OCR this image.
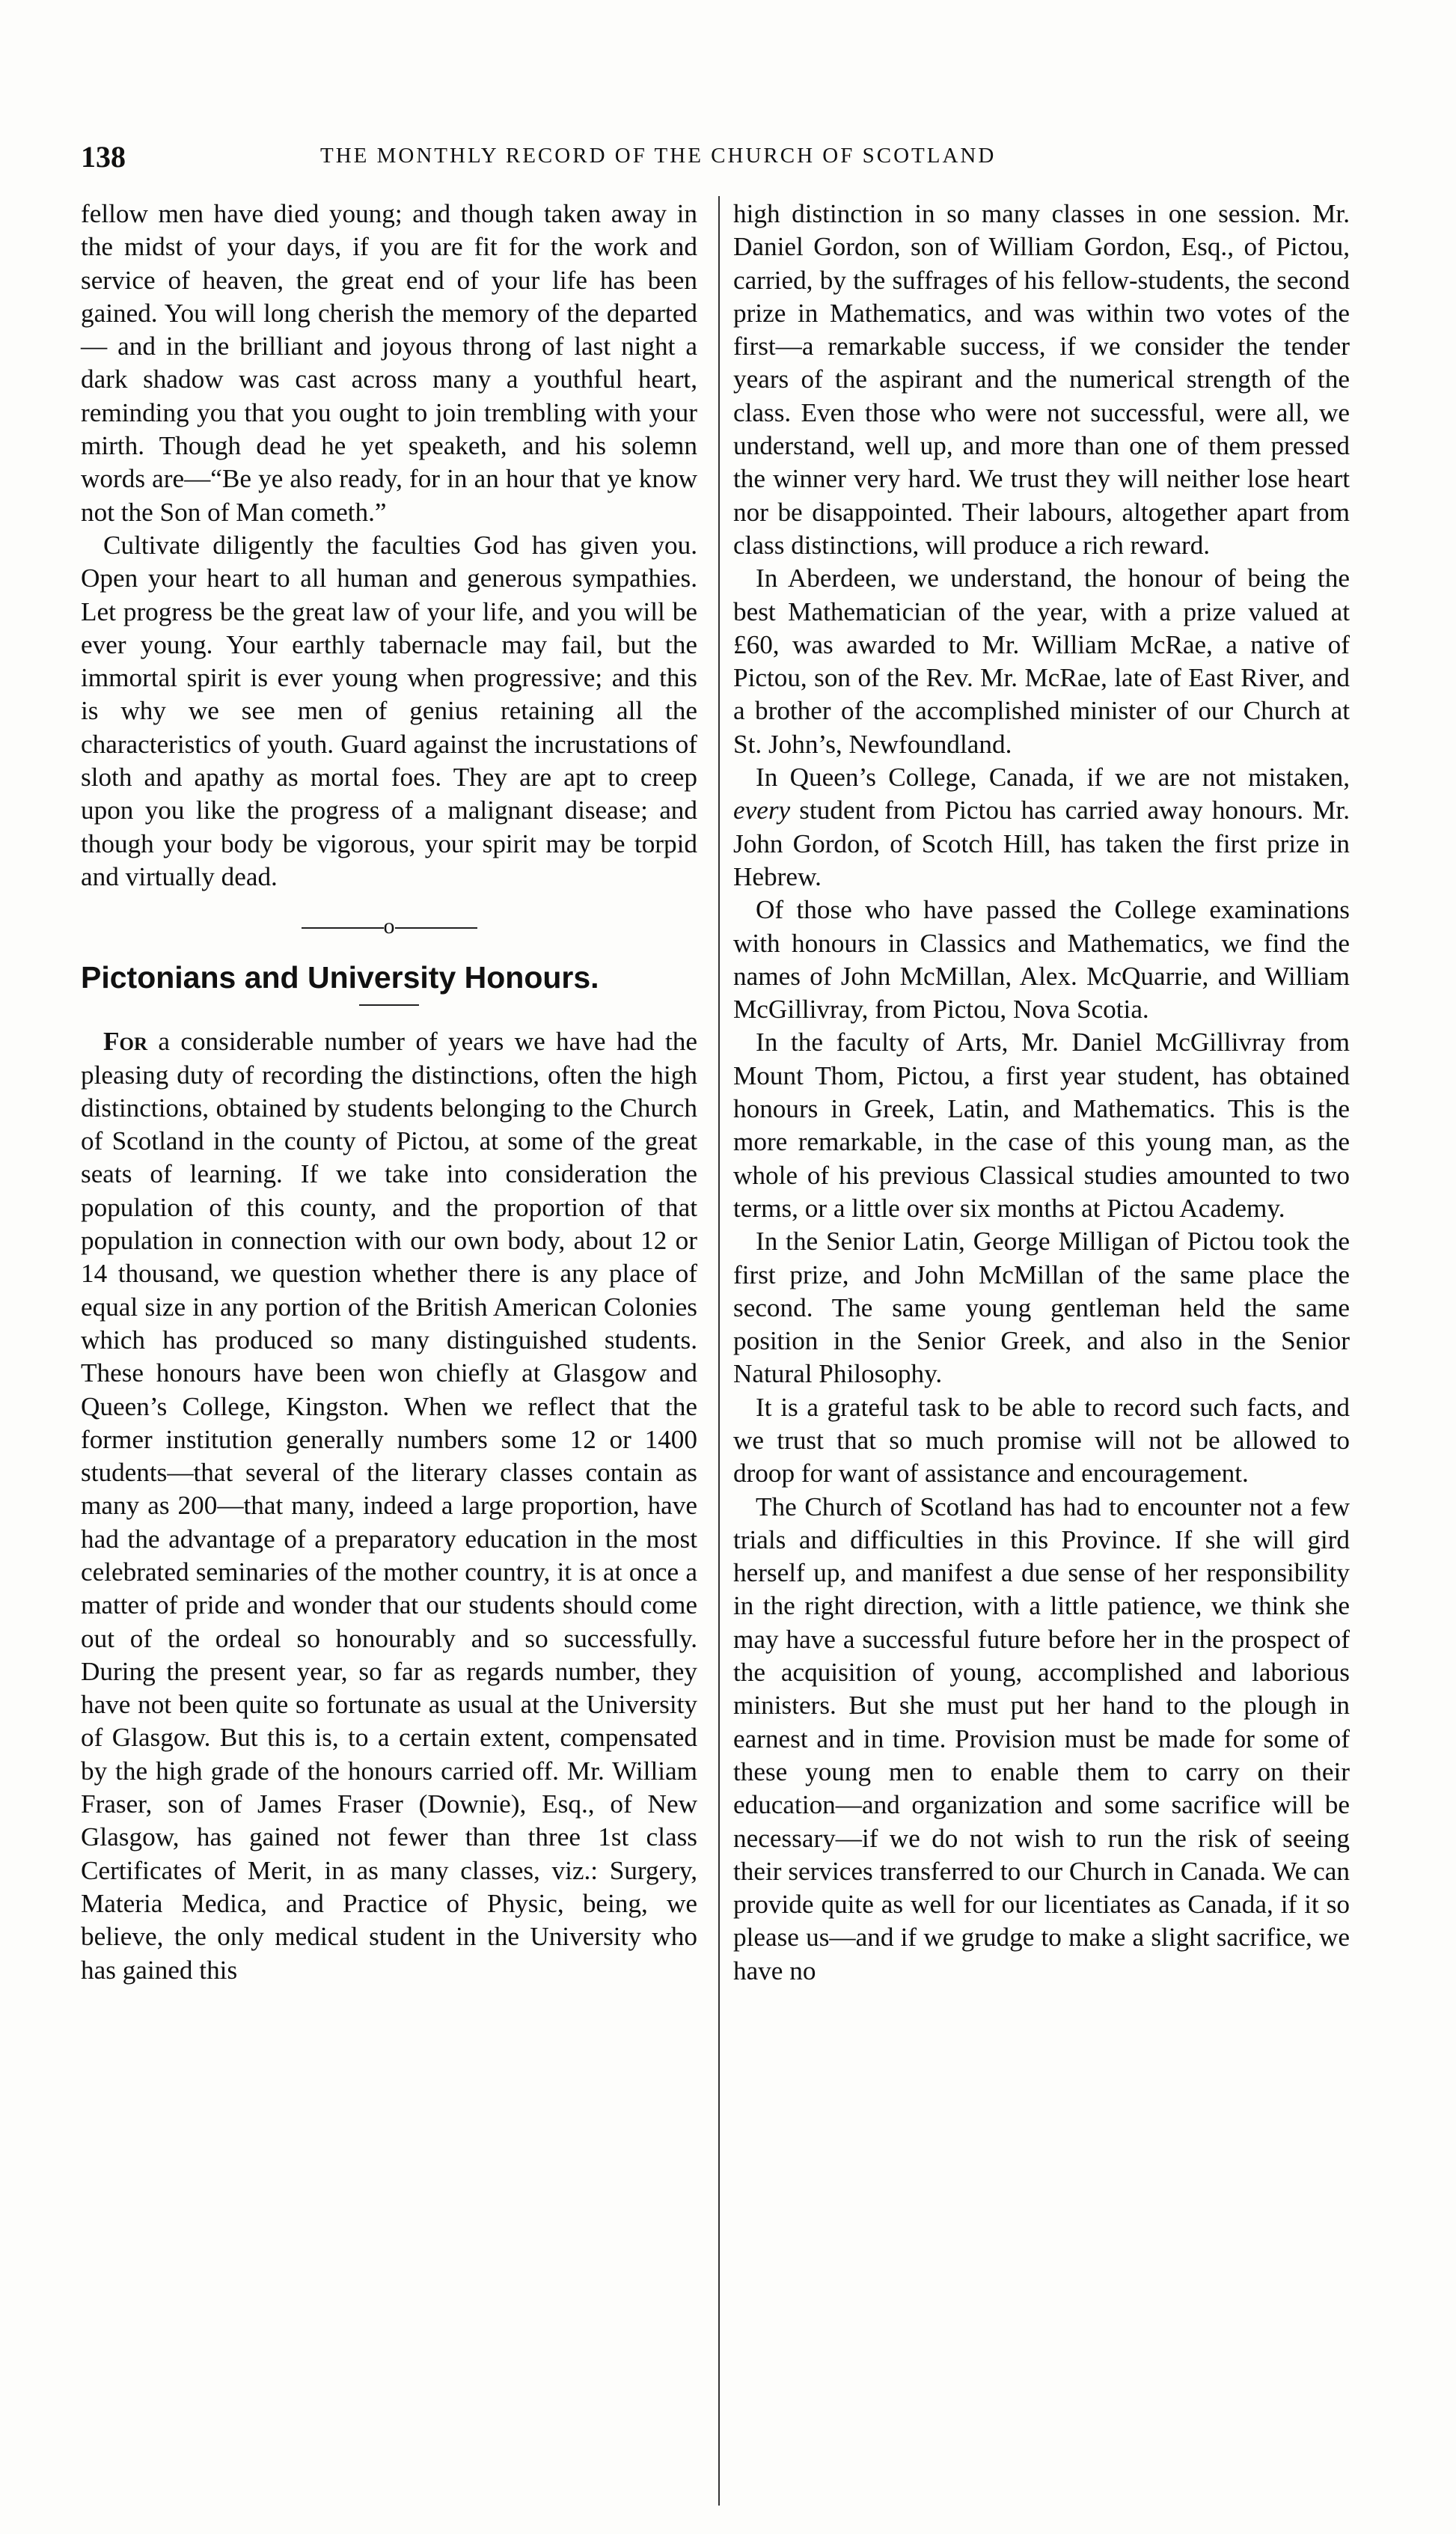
138	THE MONTHLY RECORD OF THE CHURCH OF SCOTLAND

fellow men have died young; and though taken away in the midst of your days, if you are fit for the work and service of heaven, the great end of your life has been gained. You will long cherish the memory of the departed — and in the brilliant and joyous throng of last night a dark shadow was cast across many a youthful heart, reminding you that you ought to join trembling with your mirth. Though dead he yet speaketh, and his solemn words are—“Be ye also ready, for in an hour that ye know not the Son of Man cometh.”

Cultivate diligently the faculties God has given you. Open your heart to all human and generous sympathies. Let progress be the great law of your life, and you will be ever young. Your earthly tabernacle may fail, but the immortal spirit is ever young when progressive; and this is why we see men of genius retaining all the characteristics of youth. Guard against the incrustations of sloth and apathy as mortal foes. They are apt to creep upon you like the progress of a malignant disease; and though your body be vigorous, your spirit may be torpid and virtually dead.

o
Pictonians and University Honours.

For a considerable number of years we have had the pleasing duty of recording the distinctions, often the high distinctions, obtained by students belonging to the Church of Scotland in the county of Pictou, at some of the great seats of learning. If we take into consideration the population of this county, and the proportion of that population in connection with our own body, about 12 or 14 thousand, we question whether there is any place of equal size in any portion of the British American Colonies which has produced so many distinguished students. These honours have been won chiefly at Glasgow and Queen’s College, Kingston. When we reflect that the former institution generally numbers some 12 or 1400 students—that several of the literary classes contain as many as 200—that many, indeed a large proportion, have had the advantage of a preparatory education in the most celebrated seminaries of the mother country, it is at once a matter of pride and wonder that our students should come out of the ordeal so honourably and so successfully. During the present year, so far as regards number, they have not been quite so fortunate as usual at the University of Glasgow. But this is, to a certain extent, compensated by the high grade of the honours carried off. Mr. William Fraser, son of James Fraser (Downie), Esq., of New Glasgow, has gained not fewer than three 1st class Certificates of Merit, in as many classes, viz.: Surgery, Materia Medica, and Practice of Physic, being, we believe, the only medical student in the University who has gained this

high distinction in so many classes in one session. Mr. Daniel Gordon, son of William Gordon, Esq., of Pictou, carried, by the suffrages of his fellow-students, the second prize in Mathematics, and was within two votes of the first—a remarkable success, if we consider the tender years of the aspirant and the numerical strength of the class. Even those who were not successful, were all, we understand, well up, and more than one of them pressed the winner very hard. We trust they will neither lose heart nor be disappointed. Their labours, altogether apart from class distinctions, will produce a rich reward.

In Aberdeen, we understand, the honour of being the best Mathematician of the year, with a prize valued at £60, was awarded to Mr. William McRae, a native of Pictou, son of the Rev. Mr. McRae, late of East River, and a brother of the accomplished minister of our Church at St. John’s, Newfoundland.

In Queen’s College, Canada, if we are not mistaken, every student from Pictou has carried away honours. Mr. John Gordon, of Scotch Hill, has taken the first prize in Hebrew.

Of those who have passed the College examinations with honours in Classics and Mathematics, we find the names of John McMillan, Alex. McQuarrie, and William McGillivray, from Pictou, Nova Scotia.

In the faculty of Arts, Mr. Daniel McGillivray from Mount Thom, Pictou, a first year student, has obtained honours in Greek, Latin, and Mathematics. This is the more remarkable, in the case of this young man, as the whole of his previous Classical studies amounted to two terms, or a little over six months at Pictou Academy.

In the Senior Latin, George Milligan of Pictou took the first prize, and John McMillan of the same place the second. The same young gentleman held the same position in the Senior Greek, and also in the Senior Natural Philosophy.

It is a grateful task to be able to record such facts, and we trust that so much promise will not be allowed to droop for want of assistance and encouragement.

The Church of Scotland has had to encounter not a few trials and difficulties in this Province. If she will gird herself up, and manifest a due sense of her responsibility in the right direction, with a little patience, we think she may have a successful future before her in the prospect of the acquisition of young, accomplished and laborious ministers. But she must put her hand to the plough in earnest and in time. Provision must be made for some of these young men to enable them to carry on their education—and organization and some sacrifice will be necessary—if we do not wish to run the risk of seeing their services transferred to our Church in Canada. We can provide quite as well for our licentiates as Canada, if it so please us—and if we grudge to make a slight sacrifice, we have no
